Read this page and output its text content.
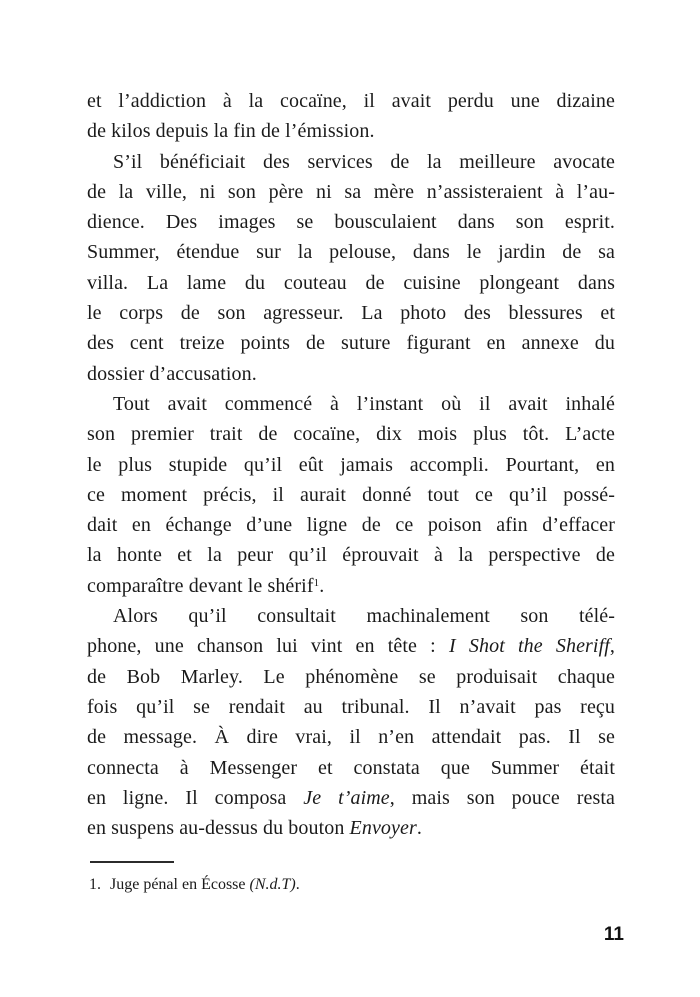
et l’addiction à la cocaïne, il avait perdu une dizaine
de kilos depuis la fin de l’émission.
S’il bénéficiait des services de la meilleure avocate
de la ville, ni son père ni sa mère n’assisteraient à l’au-
dience. Des images se bousculaient dans son esprit.
Summer, étendue sur la pelouse, dans le jardin de sa
villa. La lame du couteau de cuisine plongeant dans
le corps de son agresseur. La photo des blessures et
des cent treize points de suture figurant en annexe du
dossier d’accusation.
Tout avait commencé à l’instant où il avait inhalé
son premier trait de cocaïne, dix mois plus tôt. L’acte
le plus stupide qu’il eût jamais accompli. Pourtant, en
ce moment précis, il aurait donné tout ce qu’il possé-
dait en échange d’une ligne de ce poison afin d’effacer
la honte et la peur qu’il éprouvait à la perspective de
comparaître devant le shérif$^1$.
Alors qu’il consultait machinalement son télé-
phone, une chanson lui vint en tête : I Shot the Sheriff,
de Bob Marley. Le phénomène se produisait chaque
fois qu’il se rendait au tribunal. Il n’avait pas reçu
de message. À dire vrai, il n’en attendait pas. Il se
connecta à Messenger et constata que Summer était
en ligne. Il composa Je t’aime, mais son pouce resta
en suspens au-dessus du bouton Envoyer.
1. Juge pénal en Écosse (N.d.T).
11
